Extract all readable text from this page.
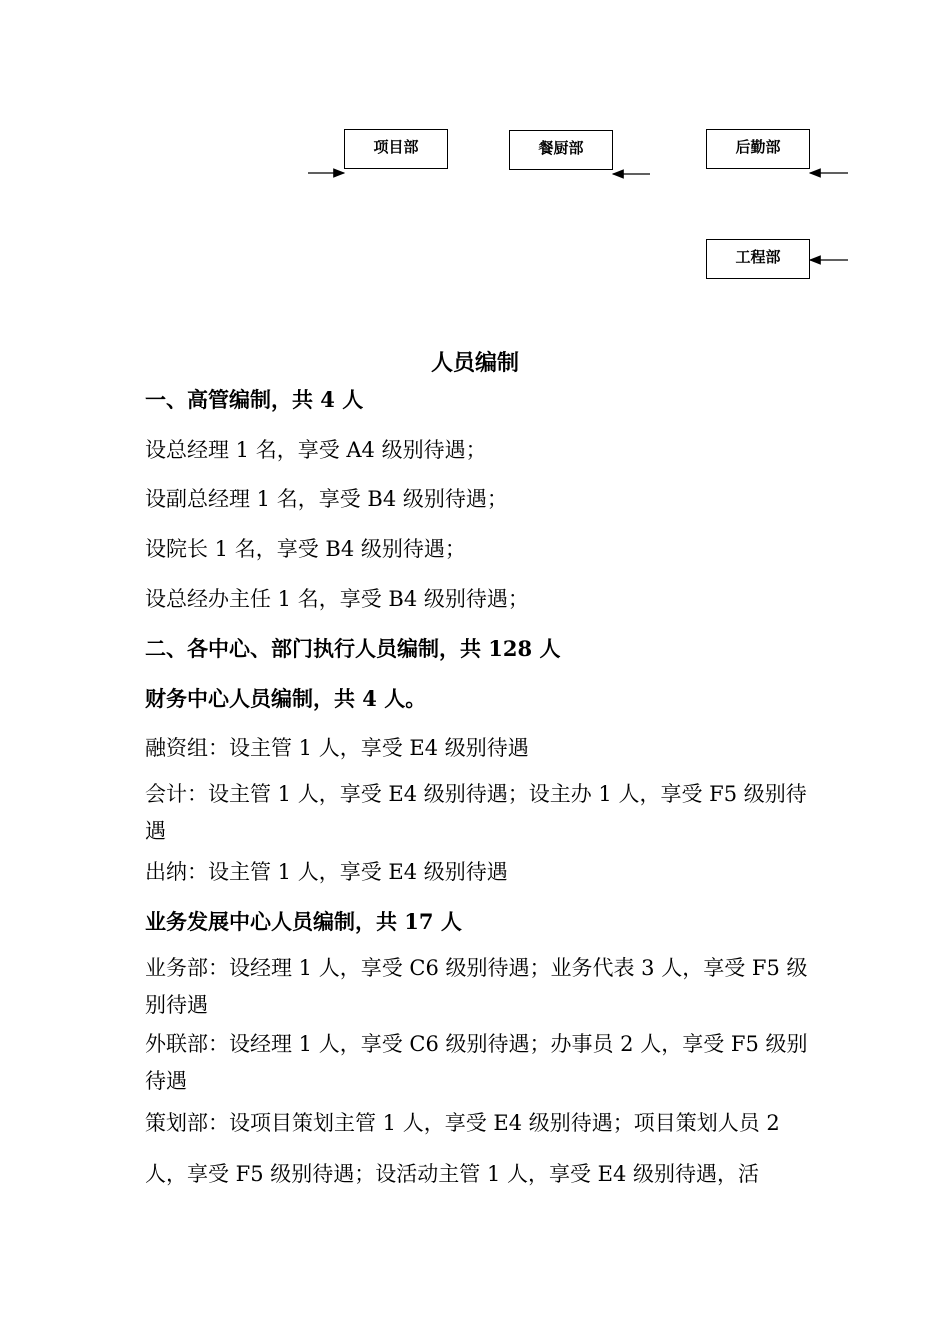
项目部	餐厨部	后勤部
工程部
人员编制
一、高管编制，共 4 人
设总经理 1 名，享受 A4 级别待遇；
设副总经理 1 名，享受 B4 级别待遇；
设院长 1 名，享受 B4 级别待遇；
设总经办主任 1 名，享受 B4 级别待遇；
二、各中心、部门执行人员编制，共 128 人
财务中心人员编制，共 4 人。
融资组：设主管 1 人，享受 E4 级别待遇
会计：设主管 1 人，享受 E4 级别待遇；设主办 1 人，享受 F5 级别待遇
出纳：设主管 1 人，享受 E4 级别待遇
业务发展中心人员编制，共 17 人
业务部：设经理 1 人，享受 C6 级别待遇；业务代表 3 人，享受 F5 级别待遇
外联部：设经理 1 人，享受 C6 级别待遇；办事员 2 人，享受 F5 级别待遇
策划部：设项目策划主管 1 人，享受 E4 级别待遇；项目策划人员 2 人，享受 F5 级别待遇；设活动主管 1 人，享受 E4 级别待遇，活
